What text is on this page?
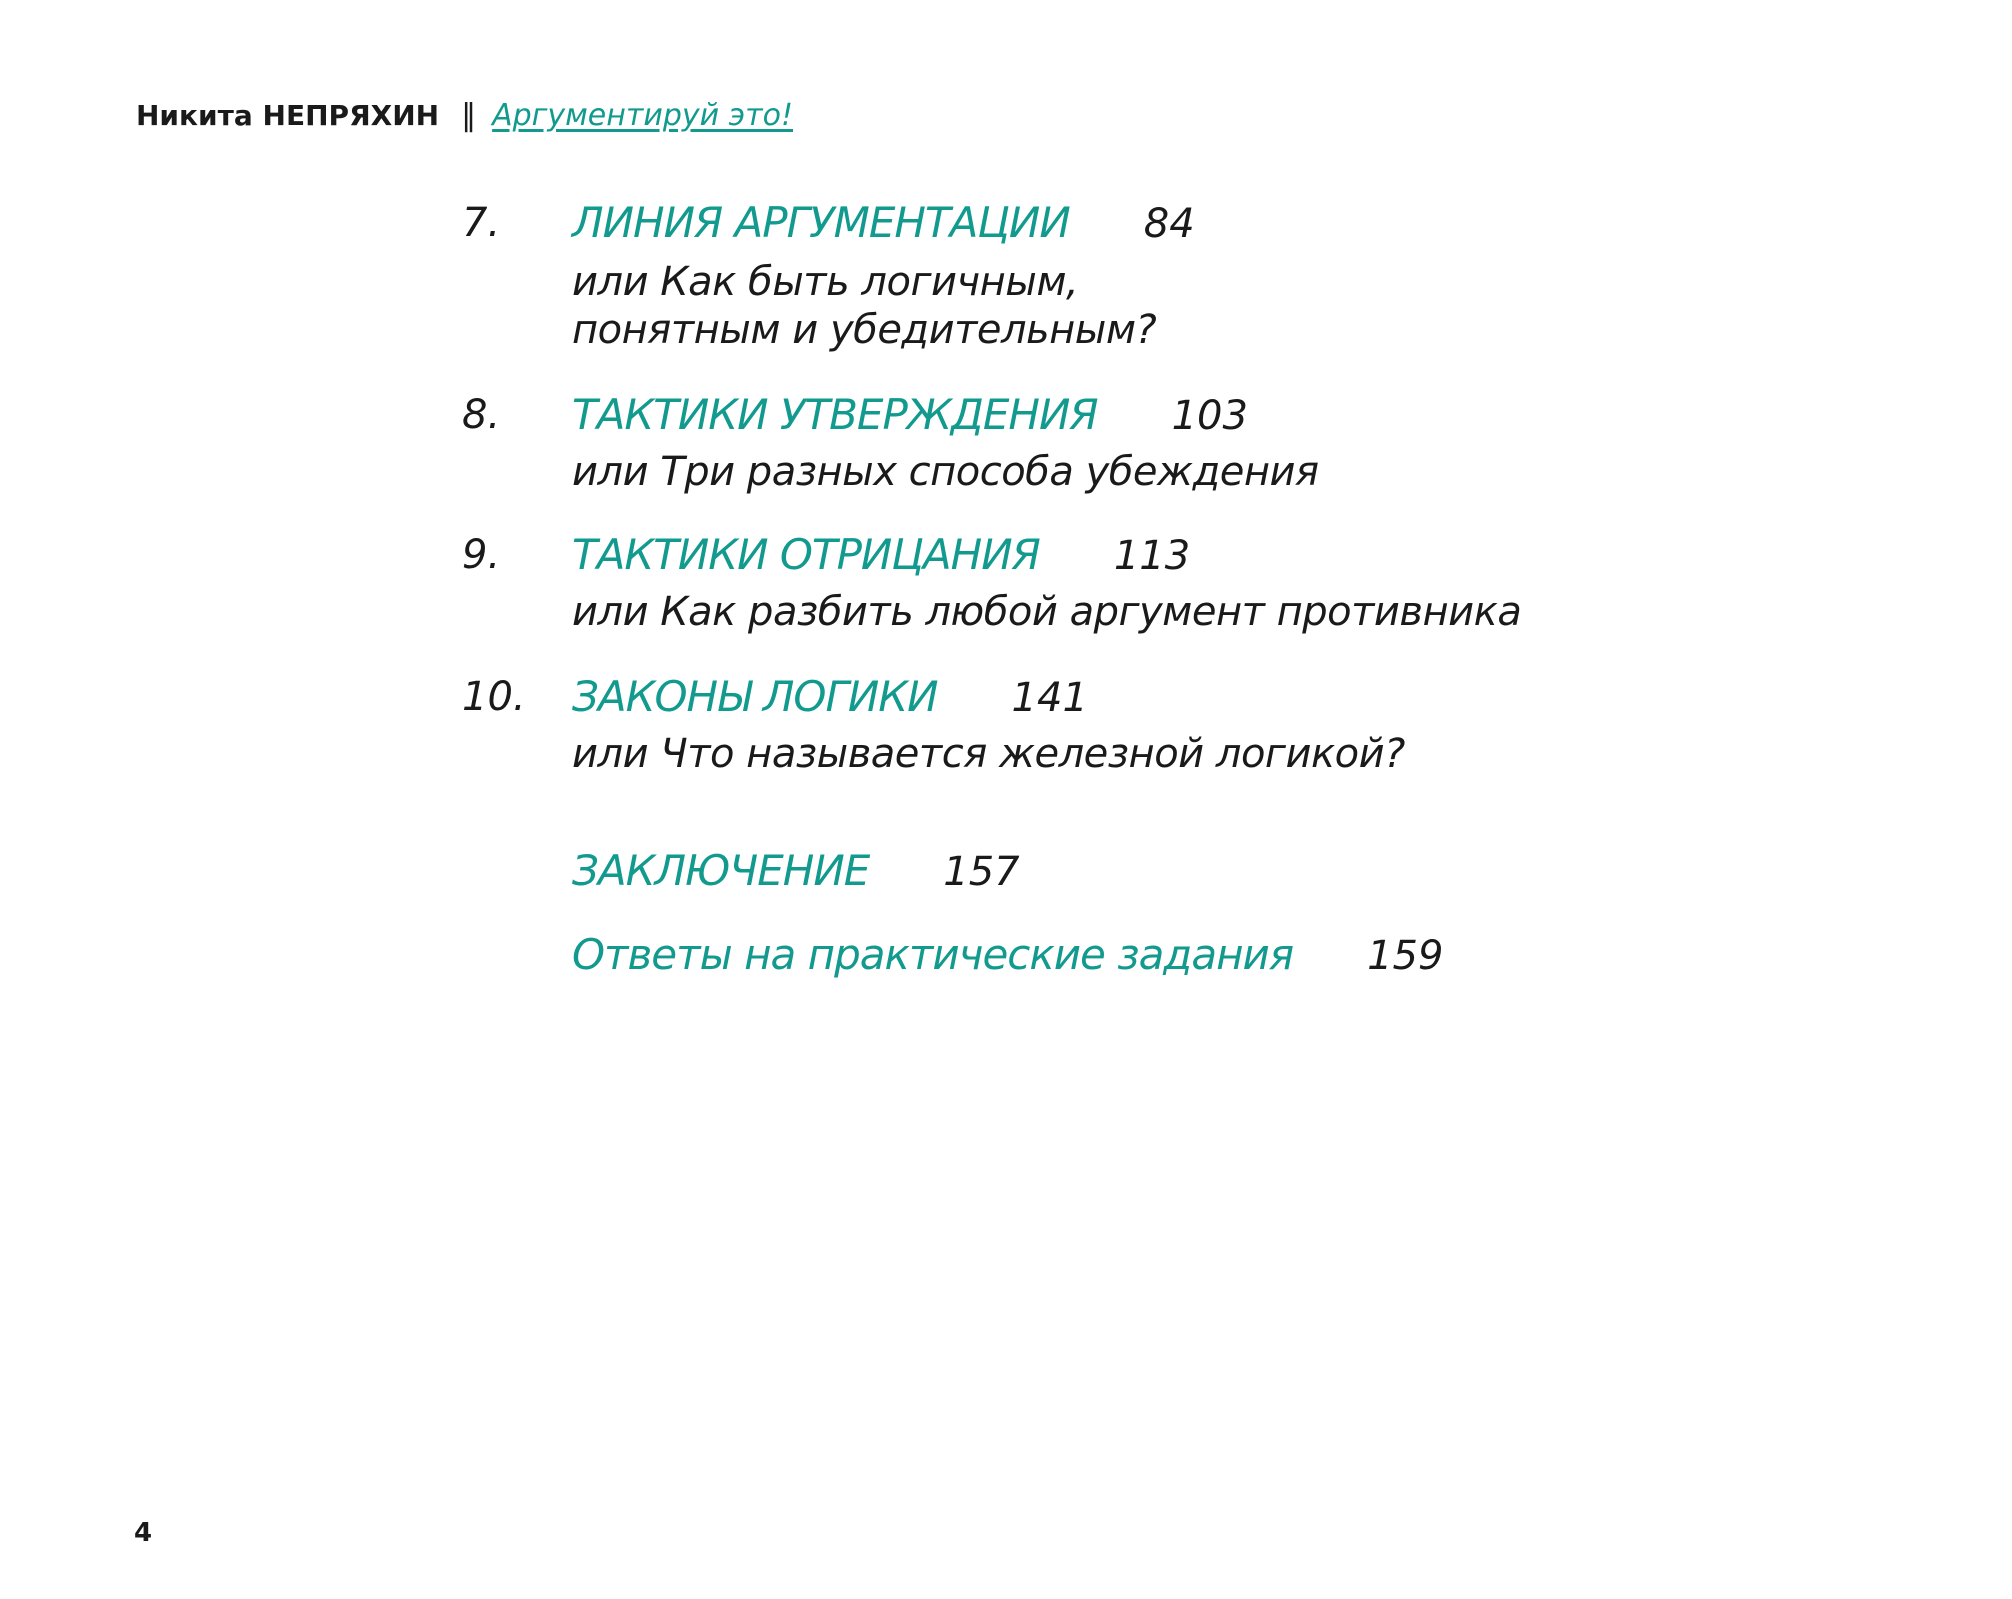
Никита НЕПРЯХИН ‖ Аргументируй это!
7. ЛИНИЯ АРГУМЕНТАЦИИ 84
или Как быть логичным,
понятным и убедительным?
8. ТАКТИКИ УТВЕРЖДЕНИЯ 103
или Три разных способа убеждения
9. ТАКТИКИ ОТРИЦАНИЯ 113
или Как разбить любой аргумент противника
10. ЗАКОНЫ ЛОГИКИ 141
или Что называется железной логикой?
ЗАКЛЮЧЕНИЕ 157
Ответы на практические задания 159
4
